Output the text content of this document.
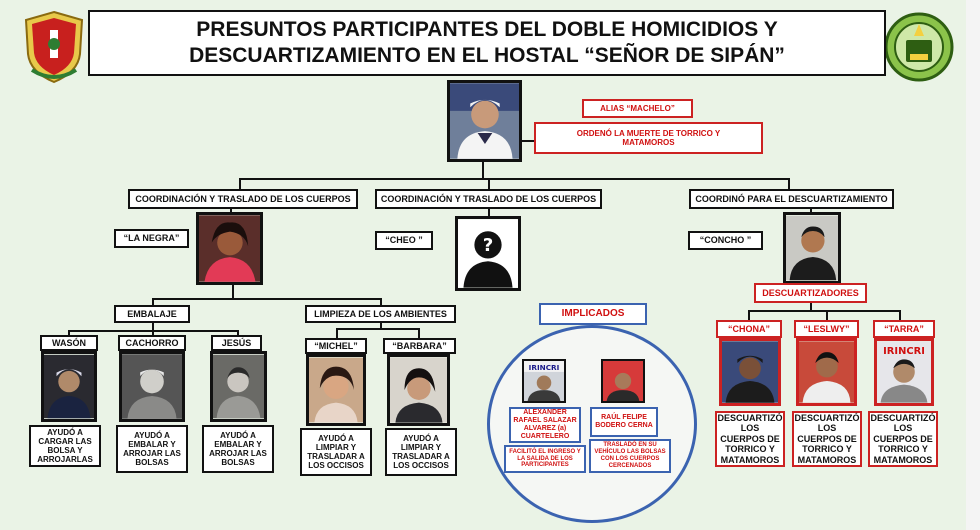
PRESUNTOS PARTICIPANTES DEL DOBLE HOMICIDIOS Y
DESCUARTIZAMIENTO EN EL HOSTAL “SEÑOR DE SIPÁN”
ALIAS “MACHELO”
ORDENÓ LA MUERTE DE TORRICO Y MATAMOROS
COORDINACIÓN Y TRASLADO DE LOS CUERPOS	COORDINACIÓN Y TRASLADO DE LOS CUERPOS	COORDINÓ PARA EL DESCUARTIZAMIENTO
“LA NEGRA”	“CHEO ”	?	“CONCHO ”
EMBALAJE	LIMPIEZA DE LOS AMBIENTES
WASÓN
AYUDÓ A CARGAR LAS BOLSA Y ARROJARLAS
CACHORRO
AYUDÓ A EMBALAR Y ARROJAR LAS BOLSAS
JESÚS
AYUDÓ A EMBALAR Y ARROJAR LAS BOLSAS
“MICHEL”
AYUDÓ A LIMPIAR Y TRASLADAR A LOS OCCISOS
“BARBARA”
AYUDÓ A LIMPIAR Y TRASLADAR A LOS OCCISOS
IMPLICADOS
IRINCRI
ALEXANDER RAFAEL SALAZAR ALVAREZ (a) CUARTELERO
FACILITÓ EL INGRESO Y LA SALIDA DE LOS PARTICIPANTES
RAÚL FELIPE BODERO CERNA
TRASLADÓ EN SU VEHÍCULO LAS BOLSAS CON LOS CUERPOS CERCENADOS
DESCUARTIZADORES
“CHONA”
DESCUARTIZÓ LOS CUERPOS DE TORRICO Y MATAMOROS
“LESLWY”
DESCUARTIZÓ LOS CUERPOS DE TORRICO Y MATAMOROS
“TARRA”
IRINCRI
DESCUARTIZÓ LOS CUERPOS DE TORRICO Y MATAMOROS
